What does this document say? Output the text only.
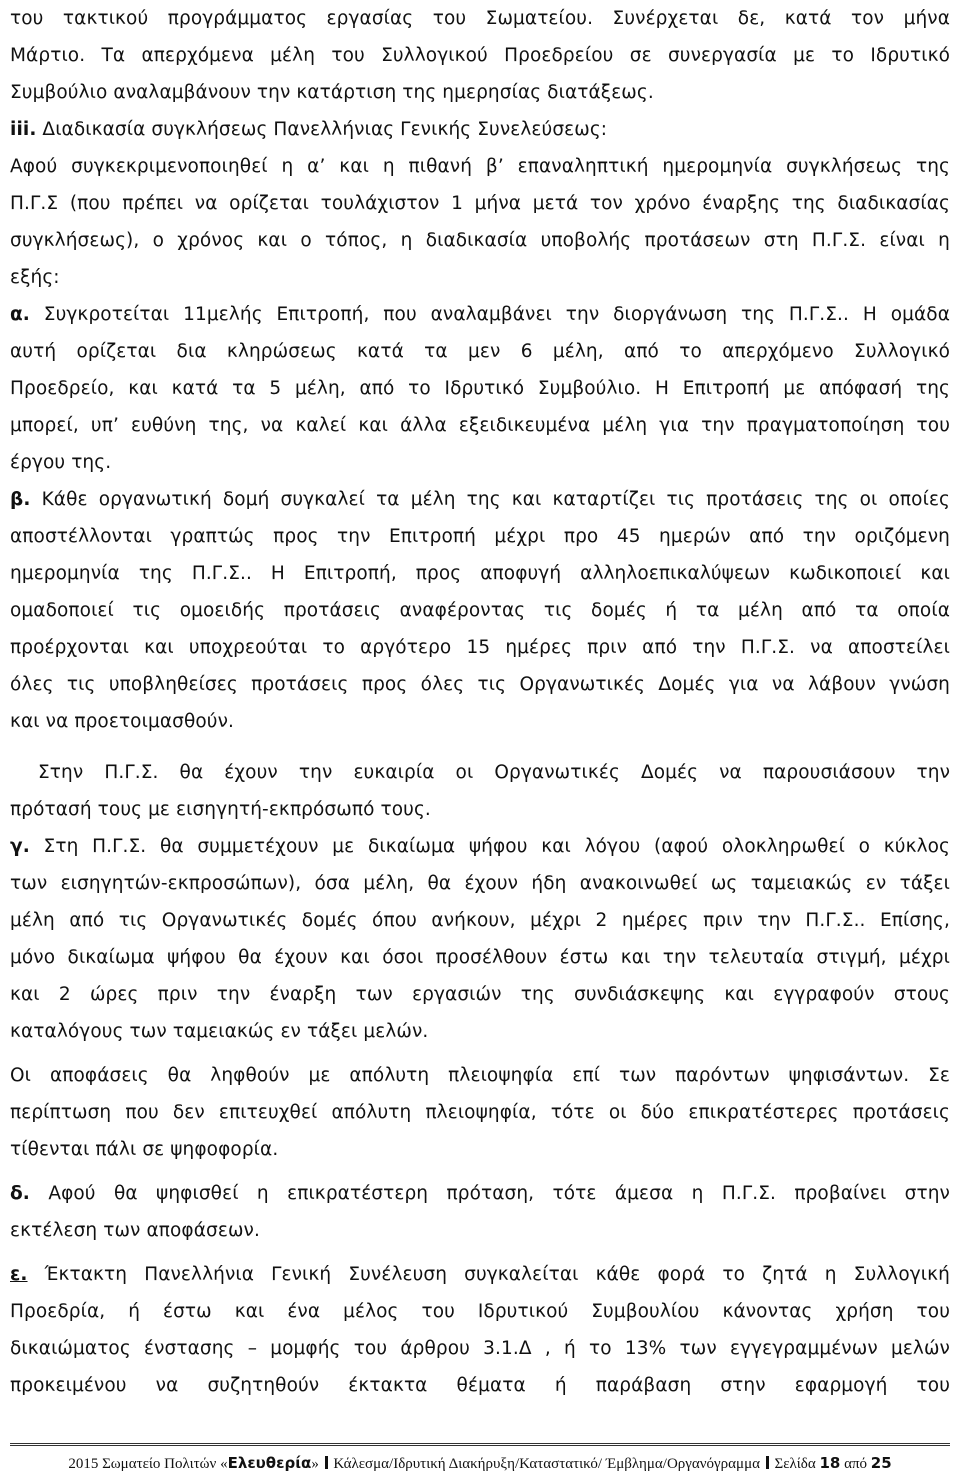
του τακτικού προγράμματος εργασίας του Σωματείου. Συνέρχεται δε, κατά τον μήνα
Μάρτιο. Τα απερχόμενα μέλη του Συλλογικού Προεδρείου σε συνεργασία με το Ιδρυτικό
Συμβούλιο αναλαμβάνουν την κατάρτιση της ημερησίας διατάξεως.
iii. Διαδικασία συγκλήσεως Πανελλήνιας Γενικής Συνελεύσεως:
Αφού συγκεκριμενοποιηθεί η α’ και η πιθανή β’ επαναληπτική ημερομηνία συγκλήσεως της
Π.Γ.Σ (που πρέπει να ορίζεται τουλάχιστον 1 μήνα μετά τον χρόνο έναρξης της διαδικασίας
συγκλήσεως), ο χρόνος και ο τόπος, η διαδικασία υποβολής προτάσεων στη Π.Γ.Σ. είναι η
εξής:
α. Συγκροτείται 11μελής Επιτροπή, που αναλαμβάνει την διοργάνωση της Π.Γ.Σ.. Η ομάδα
αυτή ορίζεται δια κληρώσεως κατά τα μεν 6 μέλη, από το απερχόμενο Συλλογικό
Προεδρείο, και κατά τα 5 μέλη, από το Ιδρυτικό Συμβούλιο. Η Επιτροπή με απόφασή της
μπορεί, υπ’ ευθύνη της, να καλεί και άλλα εξειδικευμένα μέλη για την πραγματοποίηση του
έργου της.
β. Κάθε οργανωτική δομή συγκαλεί τα μέλη της και καταρτίζει τις προτάσεις της οι οποίες
αποστέλλονται γραπτώς προς την Επιτροπή μέχρι προ 45 ημερών από την οριζόμενη
ημερομηνία της Π.Γ.Σ.. Η Επιτροπή, προς αποφυγή αλληλοεπικαλύψεων κωδικοποιεί και
ομαδοποιεί τις ομοειδής προτάσεις αναφέροντας τις δομές ή τα μέλη από τα οποία
προέρχονται και υποχρεούται το αργότερο 15 ημέρες πριν από την Π.Γ.Σ. να αποστείλει
όλες τις υποβληθείσες προτάσεις προς όλες τις Οργανωτικές Δομές για να λάβουν γνώση
και να προετοιμασθούν.
Στην Π.Γ.Σ. θα έχουν την ευκαιρία οι Οργανωτικές Δομές να παρουσιάσουν την
πρότασή τους με εισηγητή-εκπρόσωπό τους.
γ. Στη Π.Γ.Σ. θα συμμετέχουν με δικαίωμα ψήφου και λόγου (αφού ολοκληρωθεί ο κύκλος
των εισηγητών-εκπροσώπων), όσα μέλη, θα έχουν ήδη ανακοινωθεί ως ταμειακώς εν τάξει
μέλη από τις Οργανωτικές δομές όπου ανήκουν, μέχρι 2 ημέρες πριν την Π.Γ.Σ.. Επίσης,
μόνο δικαίωμα ψήφου θα έχουν και όσοι προσέλθουν έστω και την τελευταία στιγμή, μέχρι
και 2 ώρες πριν την έναρξη των εργασιών της συνδιάσκεψης και εγγραφούν στους
καταλόγους των ταμειακώς εν τάξει μελών.
Οι αποφάσεις θα ληφθούν με απόλυτη πλειοψηφία επί των παρόντων ψηφισάντων. Σε
περίπτωση που δεν επιτευχθεί απόλυτη πλειοψηφία, τότε οι δύο επικρατέστερες προτάσεις
τίθενται πάλι σε ψηφοφορία.
δ. Αφού θα ψηφισθεί η επικρατέστερη πρόταση, τότε άμεσα η Π.Γ.Σ. προβαίνει στην
εκτέλεση των αποφάσεων.
ε. Έκτακτη Πανελλήνια Γενική Συνέλευση συγκαλείται κάθε φορά το ζητά η Συλλογική
Προεδρία, ή έστω και ένα μέλος του Ιδρυτικού Συμβουλίου κάνοντας χρήση του
δικαιώματος ένστασης – μομφής του άρθρου 3.1.Δ , ή το 13% των εγγεγραμμένων μελών
προκειμένου να συζητηθούν έκτακτα θέματα ή παράβαση στην εφαρμογή του
2015 Σωματείο Πολιτών «Ελευθερία»  Κάλεσμα/Ιδρυτική Διακήρυξη/Καταστατικό/ Έμβλημα/Οργανόγραμμα  Σελίδα 18 από 25
